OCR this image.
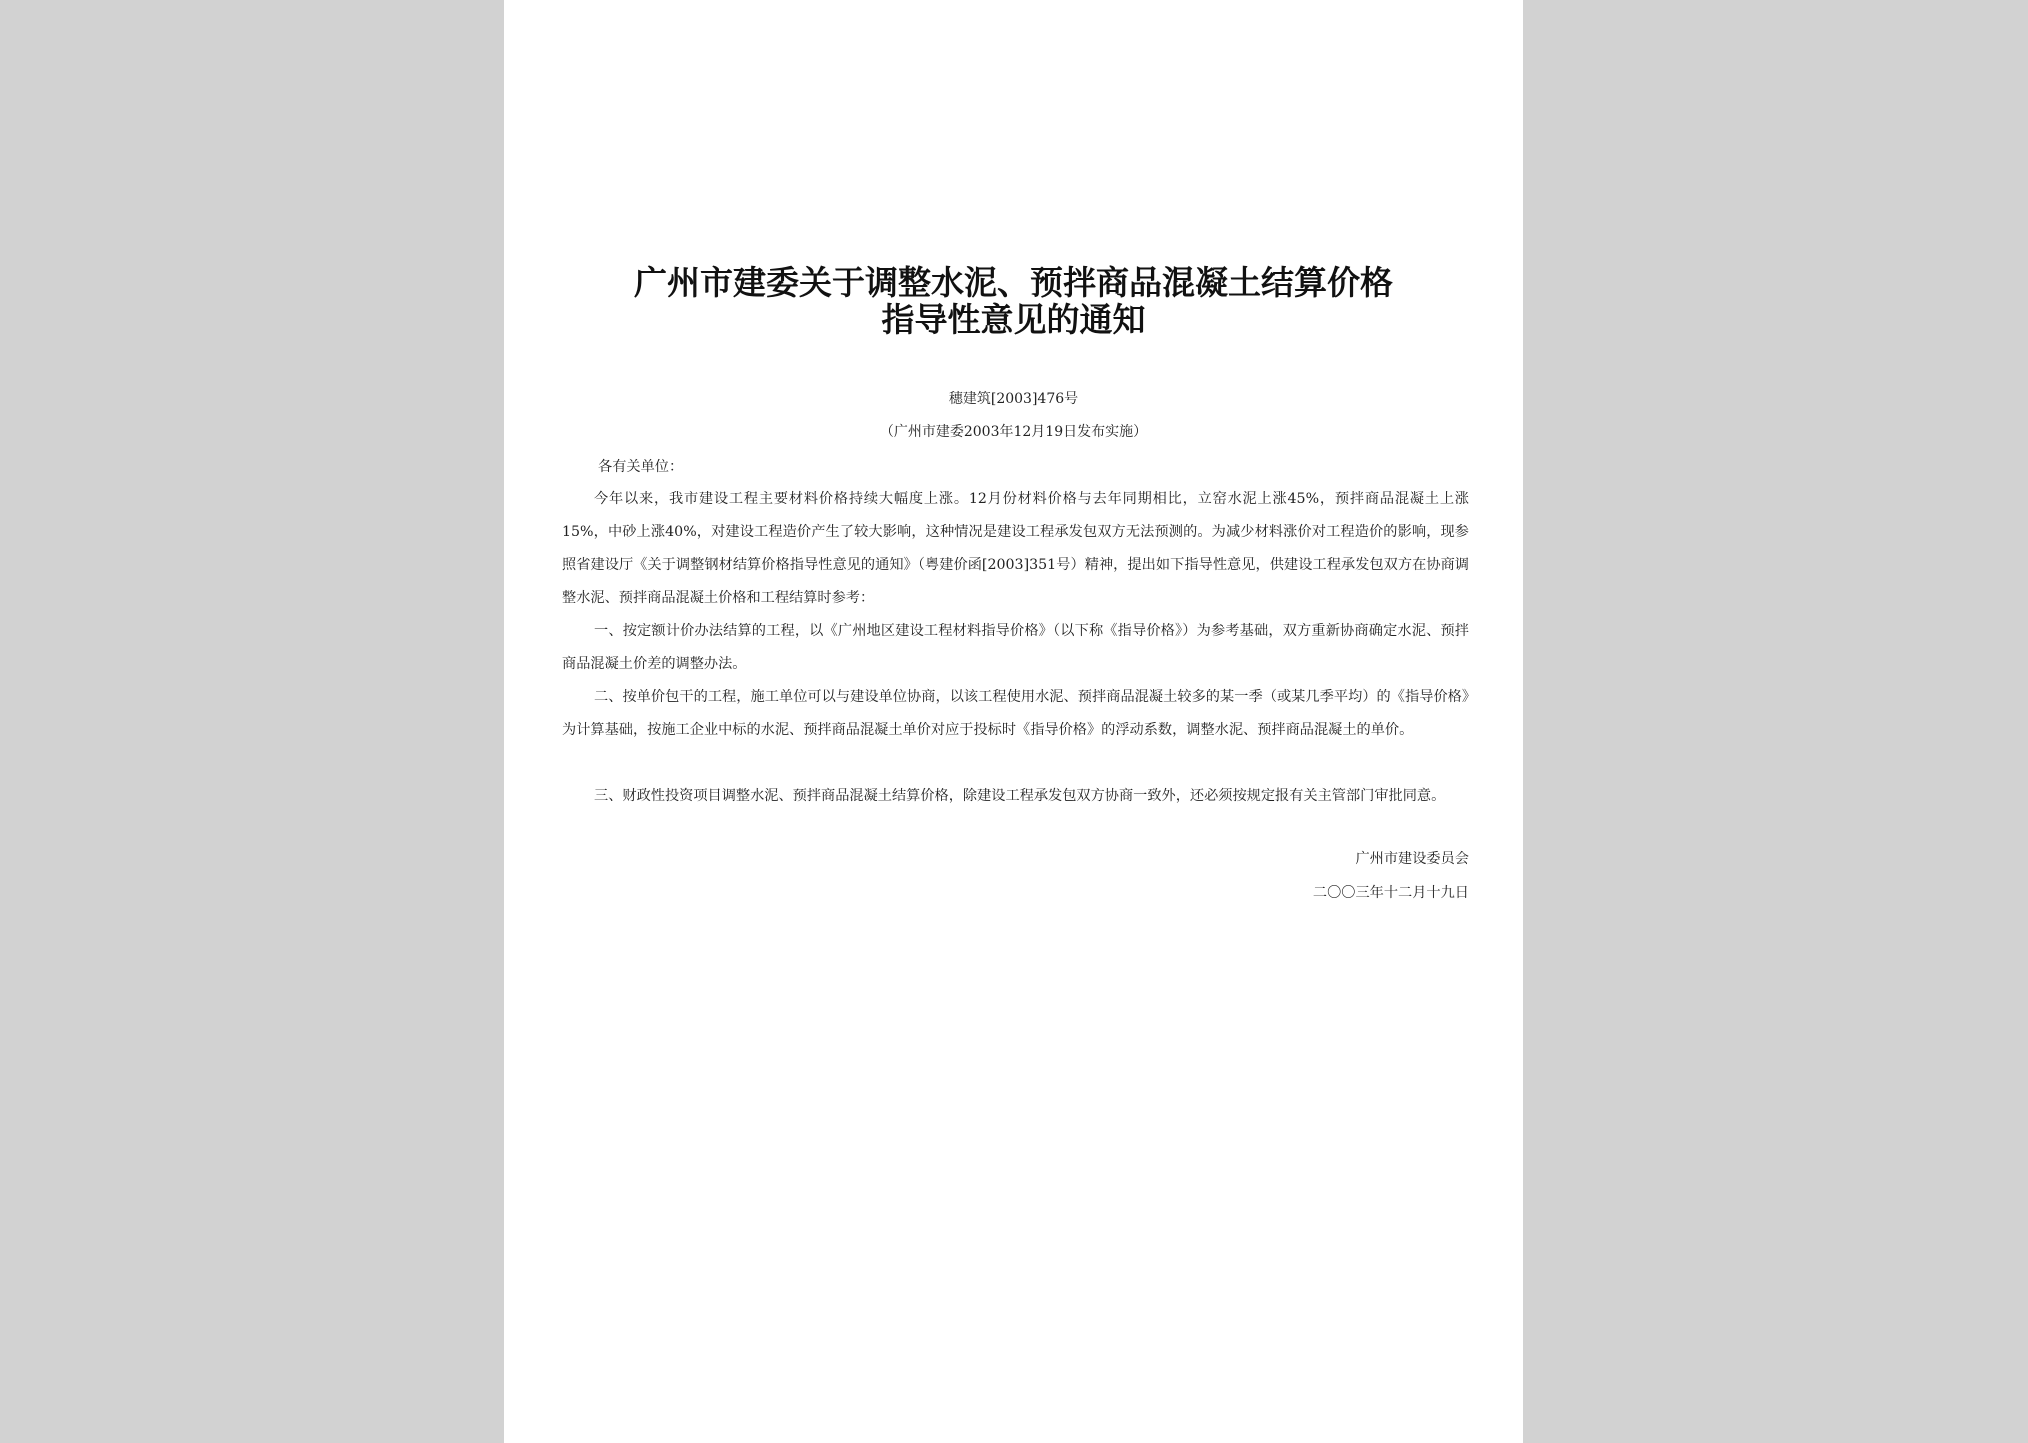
广州市建委关于调整水泥、预拌商品混凝土结算价格
指导性意见的通知
穗建筑[2003]476号
（广州市建委2003年12月19日发布实施）
各有关单位：

今年以来，我市建设工程主要材料价格持续大幅度上涨。12月份材料价格与去年同期相比，立窑水泥上涨45%，预拌商品混凝土上涨15%，中砂上涨40%，对建设工程造价产生了较大影响，这种情况是建设工程承发包双方无法预测的。为减少材料涨价对工程造价的影响，现参照省建设厅《关于调整钢材结算价格指导性意见的通知》（粤建价函[2003]351号）精神，提出如下指导性意见，供建设工程承发包双方在协商调整水泥、预拌商品混凝土价格和工程结算时参考：

一、按定额计价办法结算的工程，以《广州地区建设工程材料指导价格》（以下称《指导价格》）为参考基础，双方重新协商确定水泥、预拌商品混凝土价差的调整办法。

二、按单价包干的工程，施工单位可以与建设单位协商，以该工程使用水泥、预拌商品混凝土较多的某一季（或某几季平均）的《指导价格》为计算基础，按施工企业中标的水泥、预拌商品混凝土单价对应于投标时《指导价格》的浮动系数，调整水泥、预拌商品混凝土的单价。

三、财政性投资项目调整水泥、预拌商品混凝土结算价格，除建设工程承发包双方协商一致外，还必须按规定报有关主管部门审批同意。

广州市建设委员会
二〇〇三年十二月十九日
